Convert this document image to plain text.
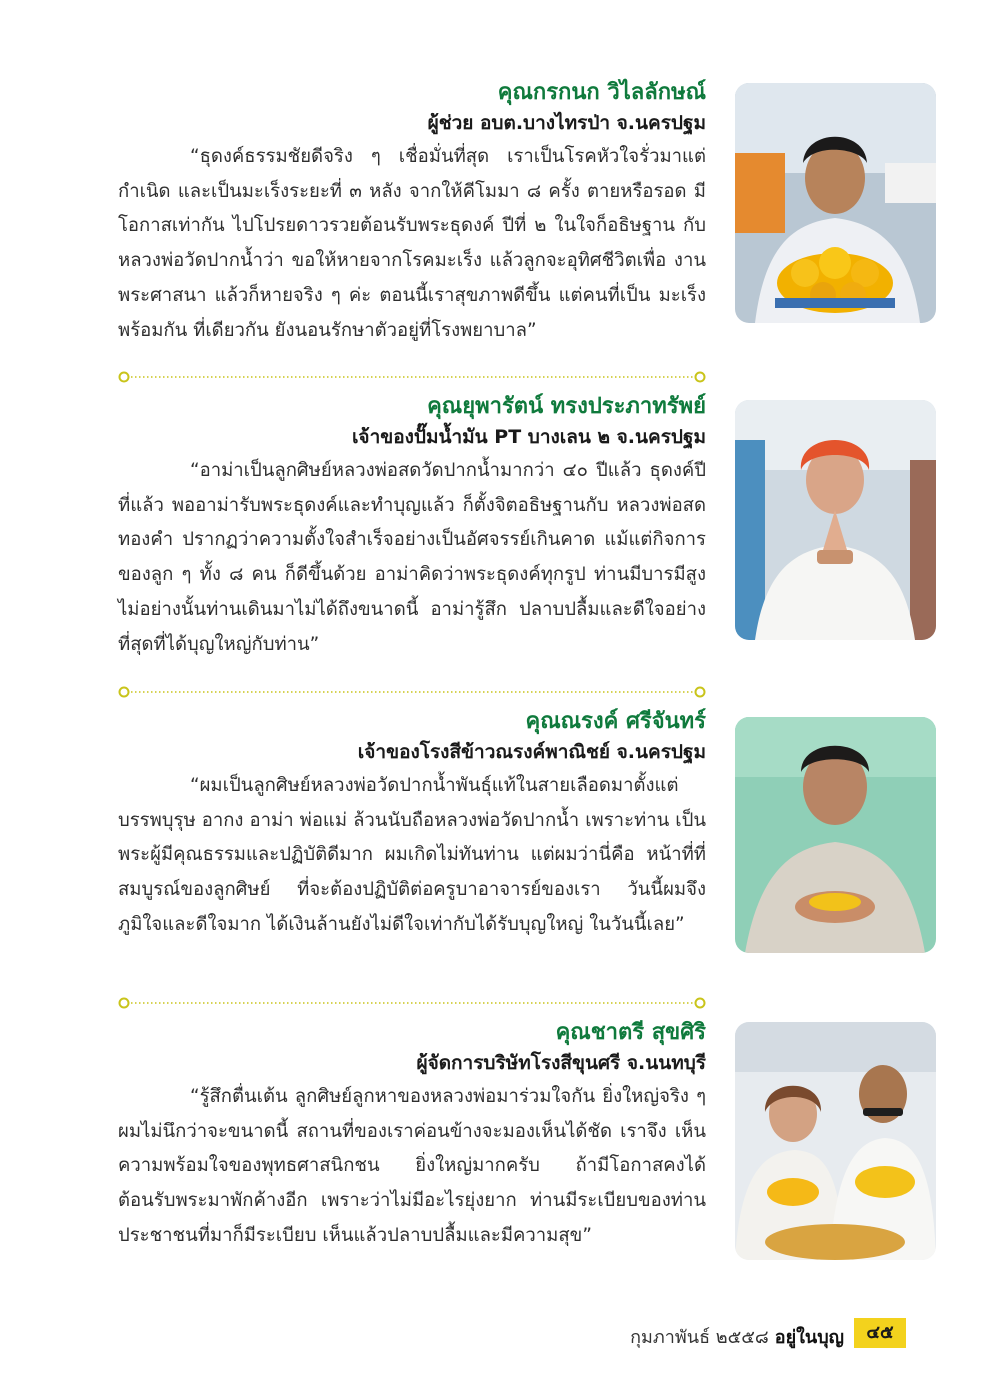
คุณกรกนก วิไลลักษณ์

ผู้ช่วย อบต.บางไทรป่า จ.นครปฐม

“ธุดงค์ธรรมชัยดีจริง ๆ เชื่อมั่นที่สุด เราเป็นโรคหัวใจรั่วมาแต่กำเนิด และเป็นมะเร็งระยะที่ ๓ หลัง จากให้คีโมมา ๘ ครั้ง ตายหรือรอด มีโอกาสเท่ากัน ไปโปรยดาวรวยต้อนรับพระธุดงค์ ปีที่ ๒ ในใจก็อธิษฐาน กับหลวงพ่อวัดปากน้ำว่า ขอให้หายจากโรคมะเร็ง แล้วลูกจะอุทิศชีวิตเพื่อ งานพระศาสนา แล้วก็หายจริง ๆ ค่ะ ตอนนี้เราสุขภาพดีขึ้น แต่คนที่เป็น มะเร็งพร้อมกัน ที่เดียวกัน ยังนอนรักษาตัวอยู่ที่โรงพยาบาล”

คุณยุพารัตน์ ทรงประภาทรัพย์

เจ้าของปั๊มน้ำมัน PT บางเลน ๒ จ.นครปฐม

“อาม่าเป็นลูกศิษย์หลวงพ่อสดวัดปากน้ำมากว่า ๔๐ ปีแล้ว ธุดงค์ปีที่แล้ว พออาม่ารับพระธุดงค์และทำบุญแล้ว ก็ตั้งจิตอธิษฐานกับ หลวงพ่อสดทองคำ ปรากฏว่าความตั้งใจสำเร็จอย่างเป็นอัศจรรย์เกินคาด แม้แต่กิจการของลูก ๆ ทั้ง ๘ คน ก็ดีขึ้นด้วย อาม่าคิดว่าพระธุดงค์ทุกรูป ท่านมีบารมีสูง ไม่อย่างนั้นท่านเดินมาไม่ได้ถึงขนาดนี้ อาม่ารู้สึก ปลาบปลื้มและดีใจอย่างที่สุดที่ได้บุญใหญ่กับท่าน”

คุณณรงค์ ศรีจันทร์

เจ้าของโรงสีข้าวณรงค์พาณิชย์ จ.นครปฐม

“ผมเป็นลูกศิษย์หลวงพ่อวัดปากน้ำพันธุ์แท้ในสายเลือดมาตั้งแต่ บรรพบุรุษ อากง อาม่า พ่อแม่ ล้วนนับถือหลวงพ่อวัดปากน้ำ เพราะท่าน เป็นพระผู้มีคุณธรรมและปฏิบัติดีมาก ผมเกิดไม่ทันท่าน แต่ผมว่านี่คือ หน้าที่ที่สมบูรณ์ของลูกศิษย์ ที่จะต้องปฏิบัติต่อครูบาอาจารย์ของเรา วันนี้ผมจึงภูมิใจและดีใจมาก ได้เงินล้านยังไม่ดีใจเท่ากับได้รับบุญใหญ่ ในวันนี้เลย”

คุณชาตรี สุขศิริ

ผู้จัดการบริษัทโรงสีขุนศรี จ.นนทบุรี

“รู้สึกตื่นเต้น ลูกศิษย์ลูกหาของหลวงพ่อมาร่วมใจกัน ยิ่งใหญ่จริง ๆ ผมไม่นึกว่าจะขนาดนี้ สถานที่ของเราค่อนข้างจะมองเห็นได้ชัด เราจึง เห็นความพร้อมใจของพุทธศาสนิกชน ยิ่งใหญ่มากครับ ถ้ามีโอกาสคงได้ ต้อนรับพระมาพักค้างอีก เพราะว่าไม่มีอะไรยุ่งยาก ท่านมีระเบียบของท่าน ประชาชนที่มาก็มีระเบียบ เห็นแล้วปลาบปลื้มและมีความสุข”

กุมภาพันธ์ ๒๕๕๘ อยู่ในบุญ	๔๕
